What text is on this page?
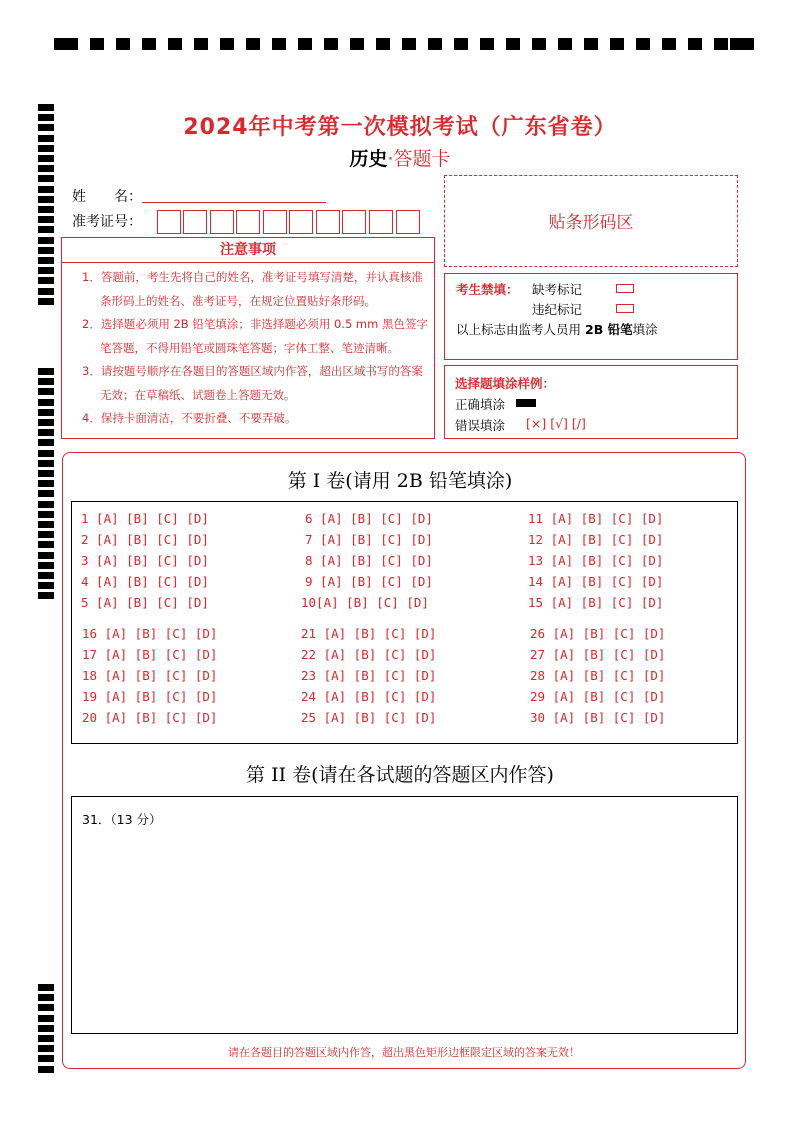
2024年中考第一次模拟考试（广东省卷）
历史·答题卡
姓　　名：
准考证号：	贴条形码区
注意事项

1．答题前，考生先将自己的姓名，准考证号填写清楚，并认真核准条形码上的姓名、准考证号，在规定位置贴好条形码。

2．选择题必须用 2B 铅笔填涂；非选择题必须用 0.5 mm 黑色签字笔答题，不得用铅笔或圆珠笔答题；字体工整、笔迹清晰。

3．请按题号顺序在各题目的答题区域内作答，超出区域书写的答案无效；在草稿纸、试题卷上答题无效。

4．保持卡面清洁，不要折叠、不要弄破。

考生禁填： 缺考标记
违纪标记
以上标志由监考人员用 2B 铅笔填涂
选择题填涂样例：
正确填涂
错误填涂 [×] [√] [/]
第 I 卷(请用 2B 铅笔填涂)
1 [A] [B] [C] [D]
2 [A] [B] [C] [D]
3 [A] [B] [C] [D]
4 [A] [B] [C] [D]
5 [A] [B] [C] [D]
6 [A] [B] [C] [D]
7 [A] [B] [C] [D]
8 [A] [B] [C] [D]
9 [A] [B] [C] [D]
10[A] [B] [C] [D]
11 [A] [B] [C] [D]
12 [A] [B] [C] [D]
13 [A] [B] [C] [D]
14 [A] [B] [C] [D]
15 [A] [B] [C] [D]
16 [A] [B] [C] [D]
17 [A] [B] [C] [D]
18 [A] [B] [C] [D]
19 [A] [B] [C] [D]
20 [A] [B] [C] [D]
21 [A] [B] [C] [D]
22 [A] [B] [C] [D]
23 [A] [B] [C] [D]
24 [A] [B] [C] [D]
25 [A] [B] [C] [D]
26 [A] [B] [C] [D]
27 [A] [B] [C] [D]
28 [A] [B] [C] [D]
29 [A] [B] [C] [D]
30 [A] [B] [C] [D]
第 II 卷(请在各试题的答题区内作答)
31．（13 分）
请在各题目的答题区域内作答，超出黑色矩形边框限定区域的答案无效！
